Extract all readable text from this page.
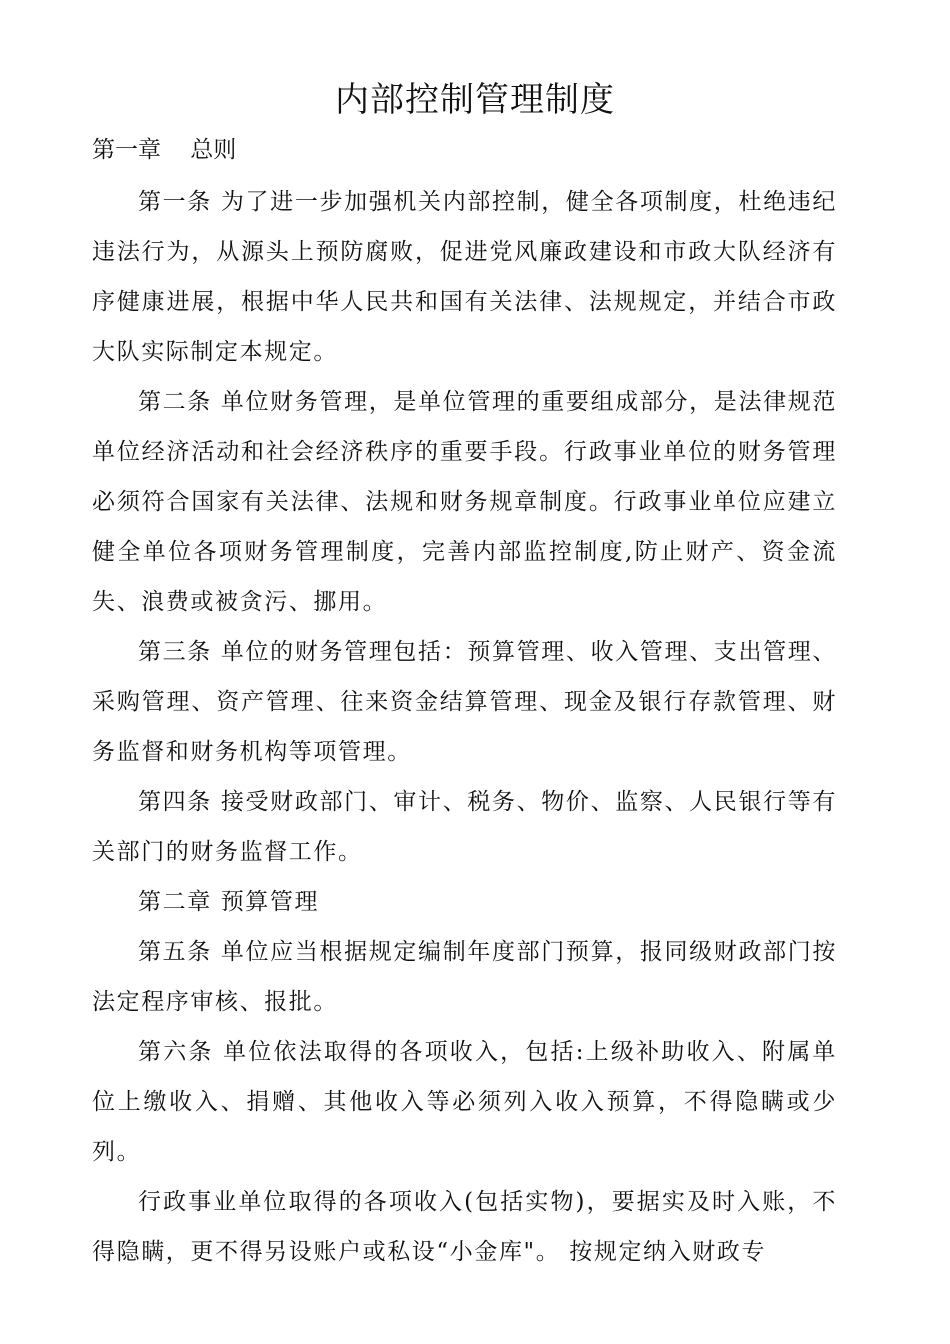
内部控制管理制度
第一章    总则

第一条 为了进一步加强机关内部控制，健全各项制度，杜绝违纪违法行为，从源头上预防腐败，促进党风廉政建设和市政大队经济有序健康进展，根据中华人民共和国有关法律、法规规定，并结合市政大队实际制定本规定。

第二条 单位财务管理，是单位管理的重要组成部分，是法律规范单位经济活动和社会经济秩序的重要手段。行政事业单位的财务管理必须符合国家有关法律、法规和财务规章制度。行政事业单位应建立健全单位各项财务管理制度，完善内部监控制度,防止财产、资金流失、浪费或被贪污、挪用。

第三条 单位的财务管理包括：预算管理、收入管理、支出管理、采购管理、资产管理、往来资金结算管理、现金及银行存款管理、财务监督和财务机构等项管理。

第四条 接受财政部门、审计、税务、物价、监察、人民银行等有关部门的财务监督工作。

第二章 预算管理

第五条 单位应当根据规定编制年度部门预算，报同级财政部门按法定程序审核、报批。

第六条 单位依法取得的各项收入，包括:上级补助收入、附属单位上缴收入、捐赠、其他收入等必须列入收入预算，不得隐瞒或少列。

行政事业单位取得的各项收入(包括实物)，要据实及时入账，不得隐瞒，更不得另设账户或私设“小金库"。 按规定纳入财政专
